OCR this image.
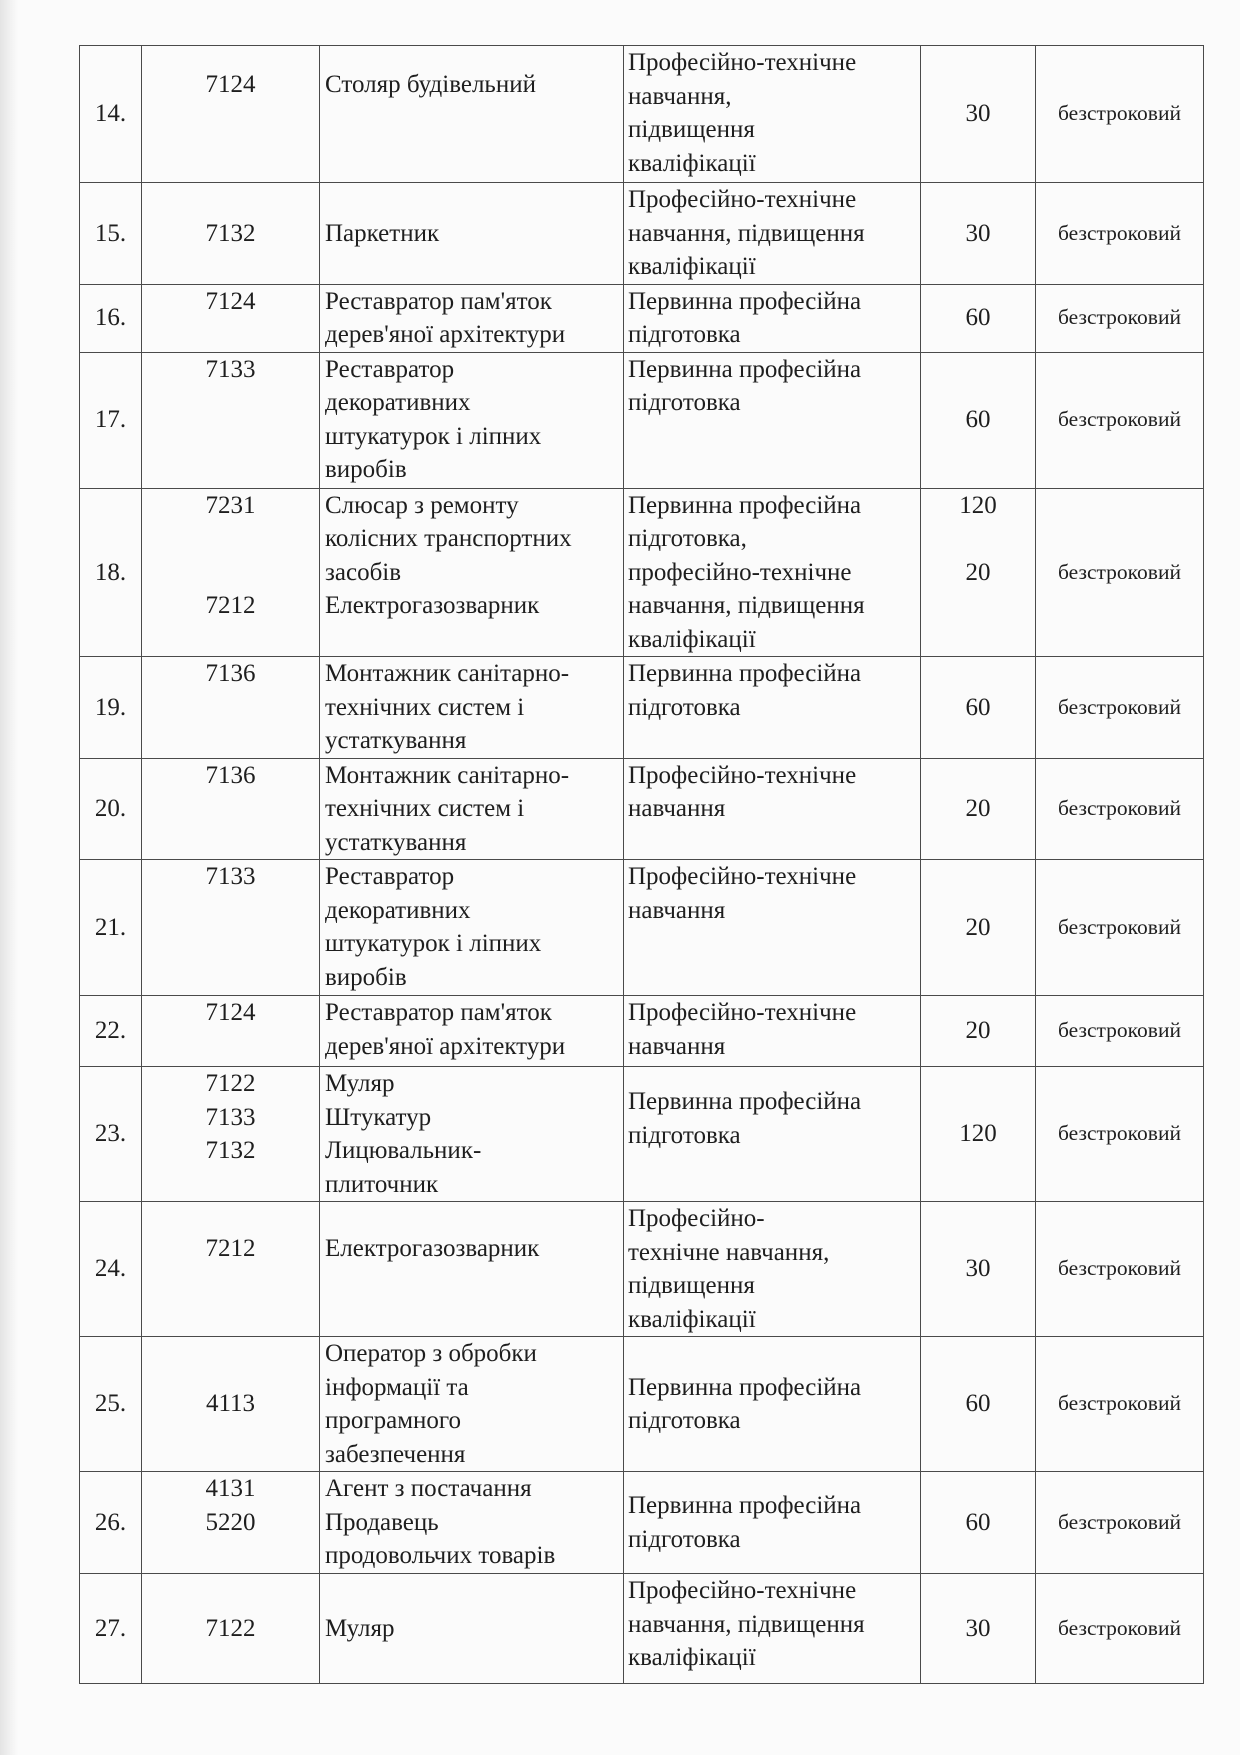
14.	7124	Столяр будівельний	Професійно-технічне
навчання,
підвищення
кваліфікації	30	безстроковий
15.	7132	Паркетник	Професійно-технічне
навчання, підвищення
кваліфікації	30	безстроковий
16.	7124	Реставратор пам'яток
дерев'яної архітектури	Первинна професійна
підготовка	60	безстроковий
17.	7133	Реставратор
декоративних
штукатурок і ліпних
виробів	Первинна професійна
підготовка	60	безстроковий
18.	7231
7212	Слюсар з ремонту
колісних транспортних
засобів
Електрогазозварник	Первинна професійна
підготовка,
професійно-технічне
навчання, підвищення
кваліфікації	120
20	безстроковий
19.	7136	Монтажник санітарно-
технічних систем і
устаткування	Первинна професійна
підготовка	60	безстроковий
20.	7136	Монтажник санітарно-
технічних систем і
устаткування	Професійно-технічне
навчання	20	безстроковий
21.	7133	Реставратор
декоративних
штукатурок і ліпних
виробів	Професійно-технічне
навчання	20	безстроковий
22.	7124	Реставратор пам'яток
дерев'яної архітектури	Професійно-технічне
навчання	20	безстроковий
23.	7122
7133
7132	Муляр
Штукатур
Лицювальник-
плиточник	Первинна професійна
підготовка	120	безстроковий
24.	7212	Електрогазозварник	Професійно-
технічне навчання,
підвищення
кваліфікації	30	безстроковий
25.	4113	Оператор з обробки
інформації та
програмного
забезпечення	Первинна професійна
підготовка	60	безстроковий
26.	4131
5220	Агент з постачання
Продавець
продовольчих товарів	Первинна професійна
підготовка	60	безстроковий
27.	7122	Муляр	Професійно-технічне
навчання, підвищення
кваліфікації	30	безстроковий
